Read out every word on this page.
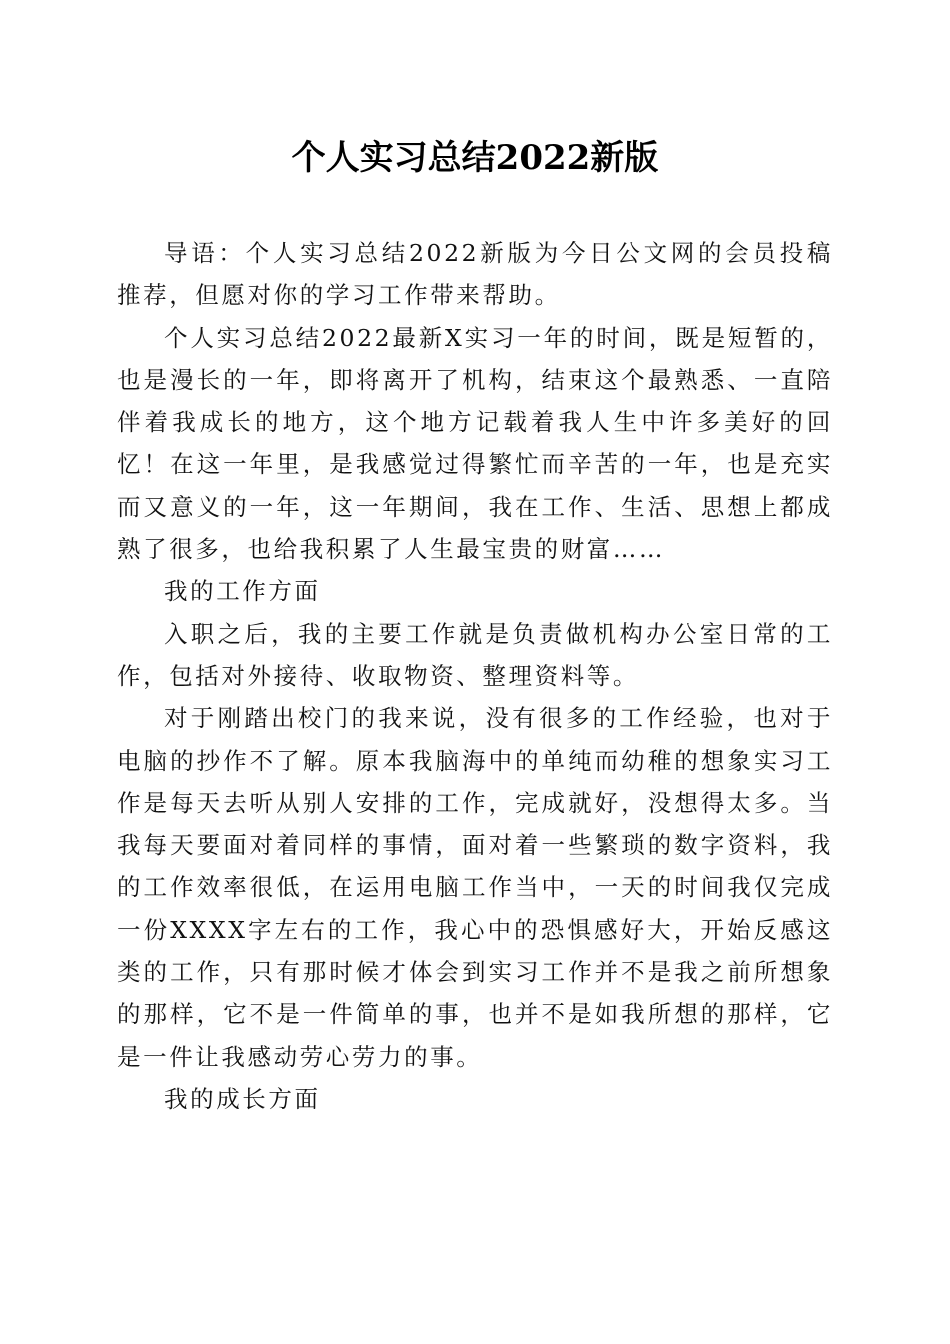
个人实习总结2022新版

导语：个人实习总结2022新版为今日公文网的会员投稿推荐，但愿对你的学习工作带来帮助。

个人实习总结2022最新X实习一年的时间，既是短暂的，也是漫长的一年，即将离开了机构，结束这个最熟悉、一直陪伴着我成长的地方，这个地方记载着我人生中许多美好的回忆！在这一年里，是我感觉过得繁忙而辛苦的一年，也是充实而又意义的一年，这一年期间，我在工作、生活、思想上都成熟了很多，也给我积累了人生最宝贵的财富……

我的工作方面

入职之后，我的主要工作就是负责做机构办公室日常的工作，包括对外接待、收取物资、整理资料等。

对于刚踏出校门的我来说，没有很多的工作经验，也对于电脑的抄作不了解。原本我脑海中的单纯而幼稚的想象实习工作是每天去听从别人安排的工作，完成就好，没想得太多。当我每天要面对着同样的事情，面对着一些繁琐的数字资料，我的工作效率很低，在运用电脑工作当中，一天的时间我仅完成一份XXXX字左右的工作，我心中的恐惧感好大，开始反感这类的工作，只有那时候才体会到实习工作并不是我之前所想象的那样，它不是一件简单的事，也并不是如我所想的那样，它是一件让我感动劳心劳力的事。

我的成长方面
